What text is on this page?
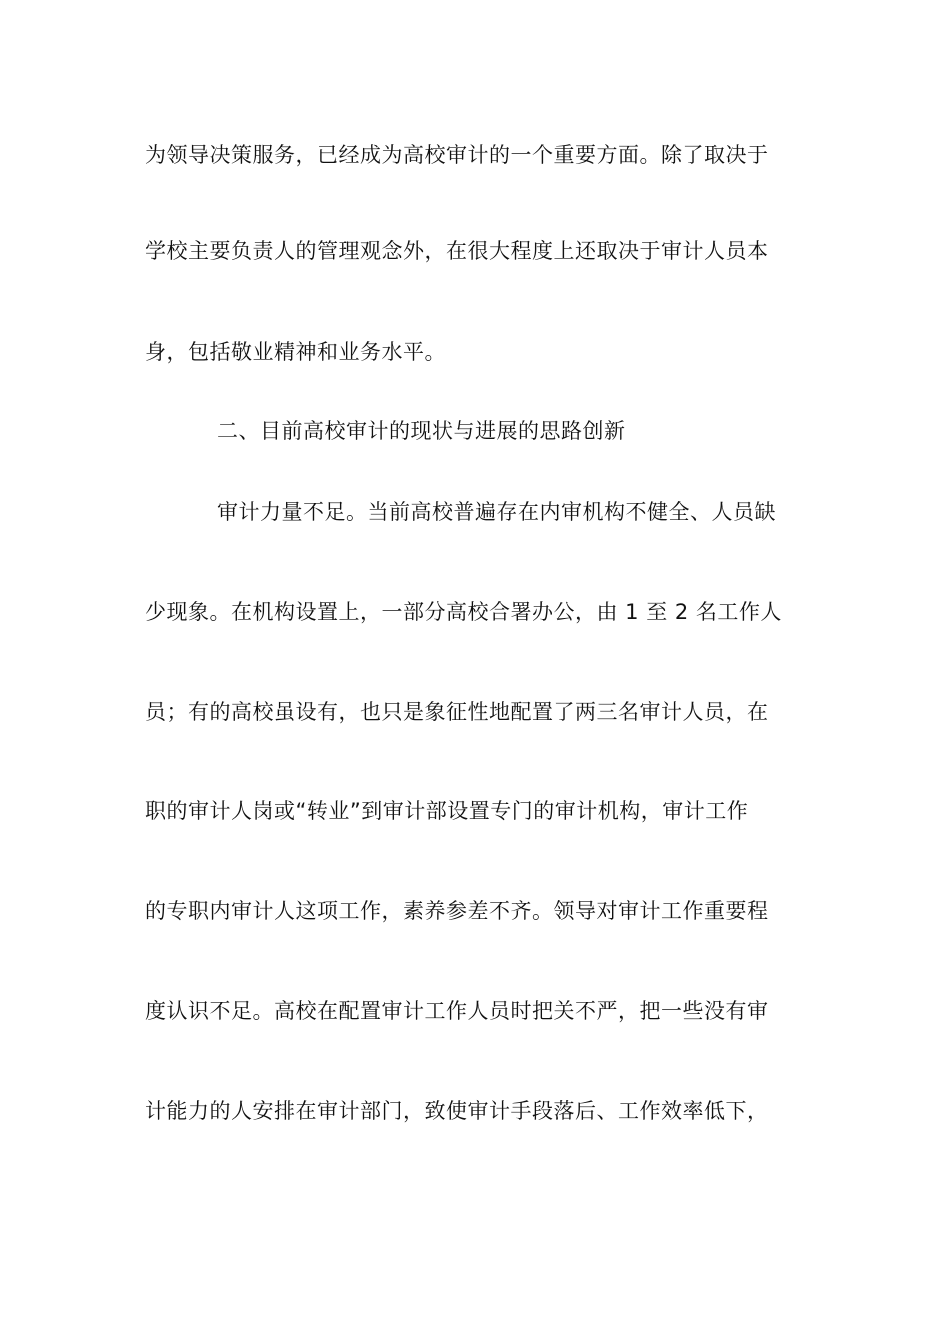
为领导决策服务，已经成为高校审计的一个重要方面。除了取决于
学校主要负责人的管理观念外，在很大程度上还取决于审计人员本
身，包括敬业精神和业务水平。
二、目前高校审计的现状与进展的思路创新
审计力量不足。当前高校普遍存在内审机构不健全、人员缺
少现象。在机构设置上，一部分高校合署办公，由 1 至 2 名工作人
员；有的高校虽设有，也只是象征性地配置了两三名审计人员，在
职的审计人岗或“转业”到审计部设置专门的审计机构，审计工作
的专职内审计人这项工作，素养参差不齐。领导对审计工作重要程
度认识不足。高校在配置审计工作人员时把关不严，把一些没有审
计能力的人安排在审计部门，致使审计手段落后、工作效率低下，
